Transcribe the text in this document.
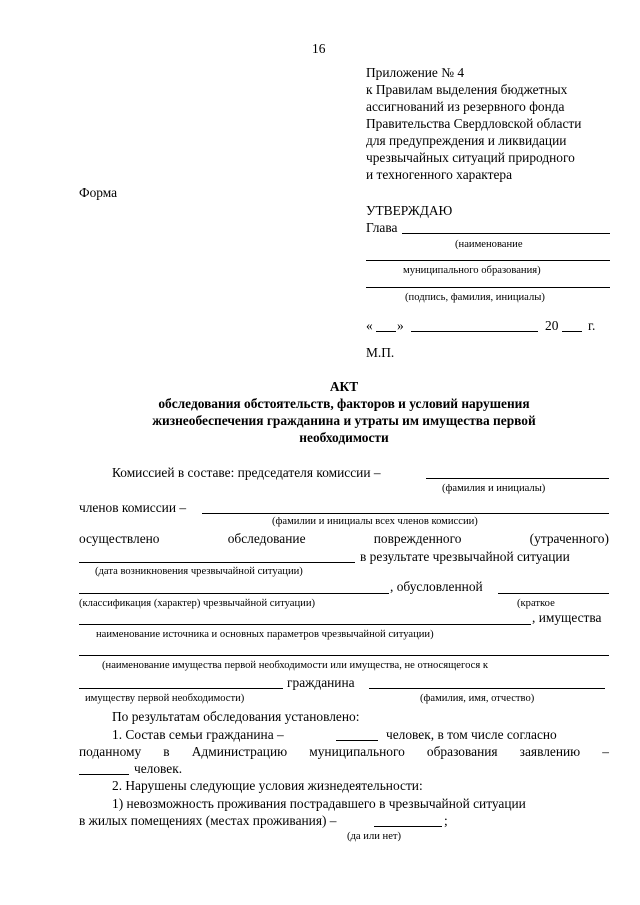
16
Приложение № 4
к Правилам выделения бюджетных
ассигнований из резервного фонда
Правительства Свердловской области
для предупреждения и ликвидации
чрезвычайных ситуаций природного
и техногенного характера
Форма
УТВЕРЖДАЮ
Глава
(наименование
муниципального образования)
(подпись, фамилия, инициалы)
« »	20 г.
М.П.
АКТ
обследования обстоятельств, факторов и условий нарушения
жизнеобеспечения гражданина и утраты им имущества первой
необходимости
Комиссией в составе: председателя комиссии –
(фамилия и инициалы)
членов комиссии –
(фамилии и инициалы всех членов комиссии)
осуществлено	обследование	поврежденного	(утраченного)
в результате чрезвычайной ситуации
(дата возникновения чрезвычайной ситуации)
, обусловленной
(классификация (характер) чрезвычайной ситуации)	(краткое
, имущества
наименование источника и основных параметров чрезвычайной ситуации)
(наименование имущества первой необходимости или имущества, не относящегося к
гражданина
имуществу первой необходимости)	(фамилия, имя, отчество)
По результатам обследования установлено:
1. Состав семьи гражданина –	человек, в том числе согласно
поданному в Администрацию муниципального образования заявлению –
человек.
2. Нарушены следующие условия жизнедеятельности:
1) невозможность проживания пострадавшего в чрезвычайной ситуации
в жилых помещениях (местах проживания) –	;
(да или нет)
